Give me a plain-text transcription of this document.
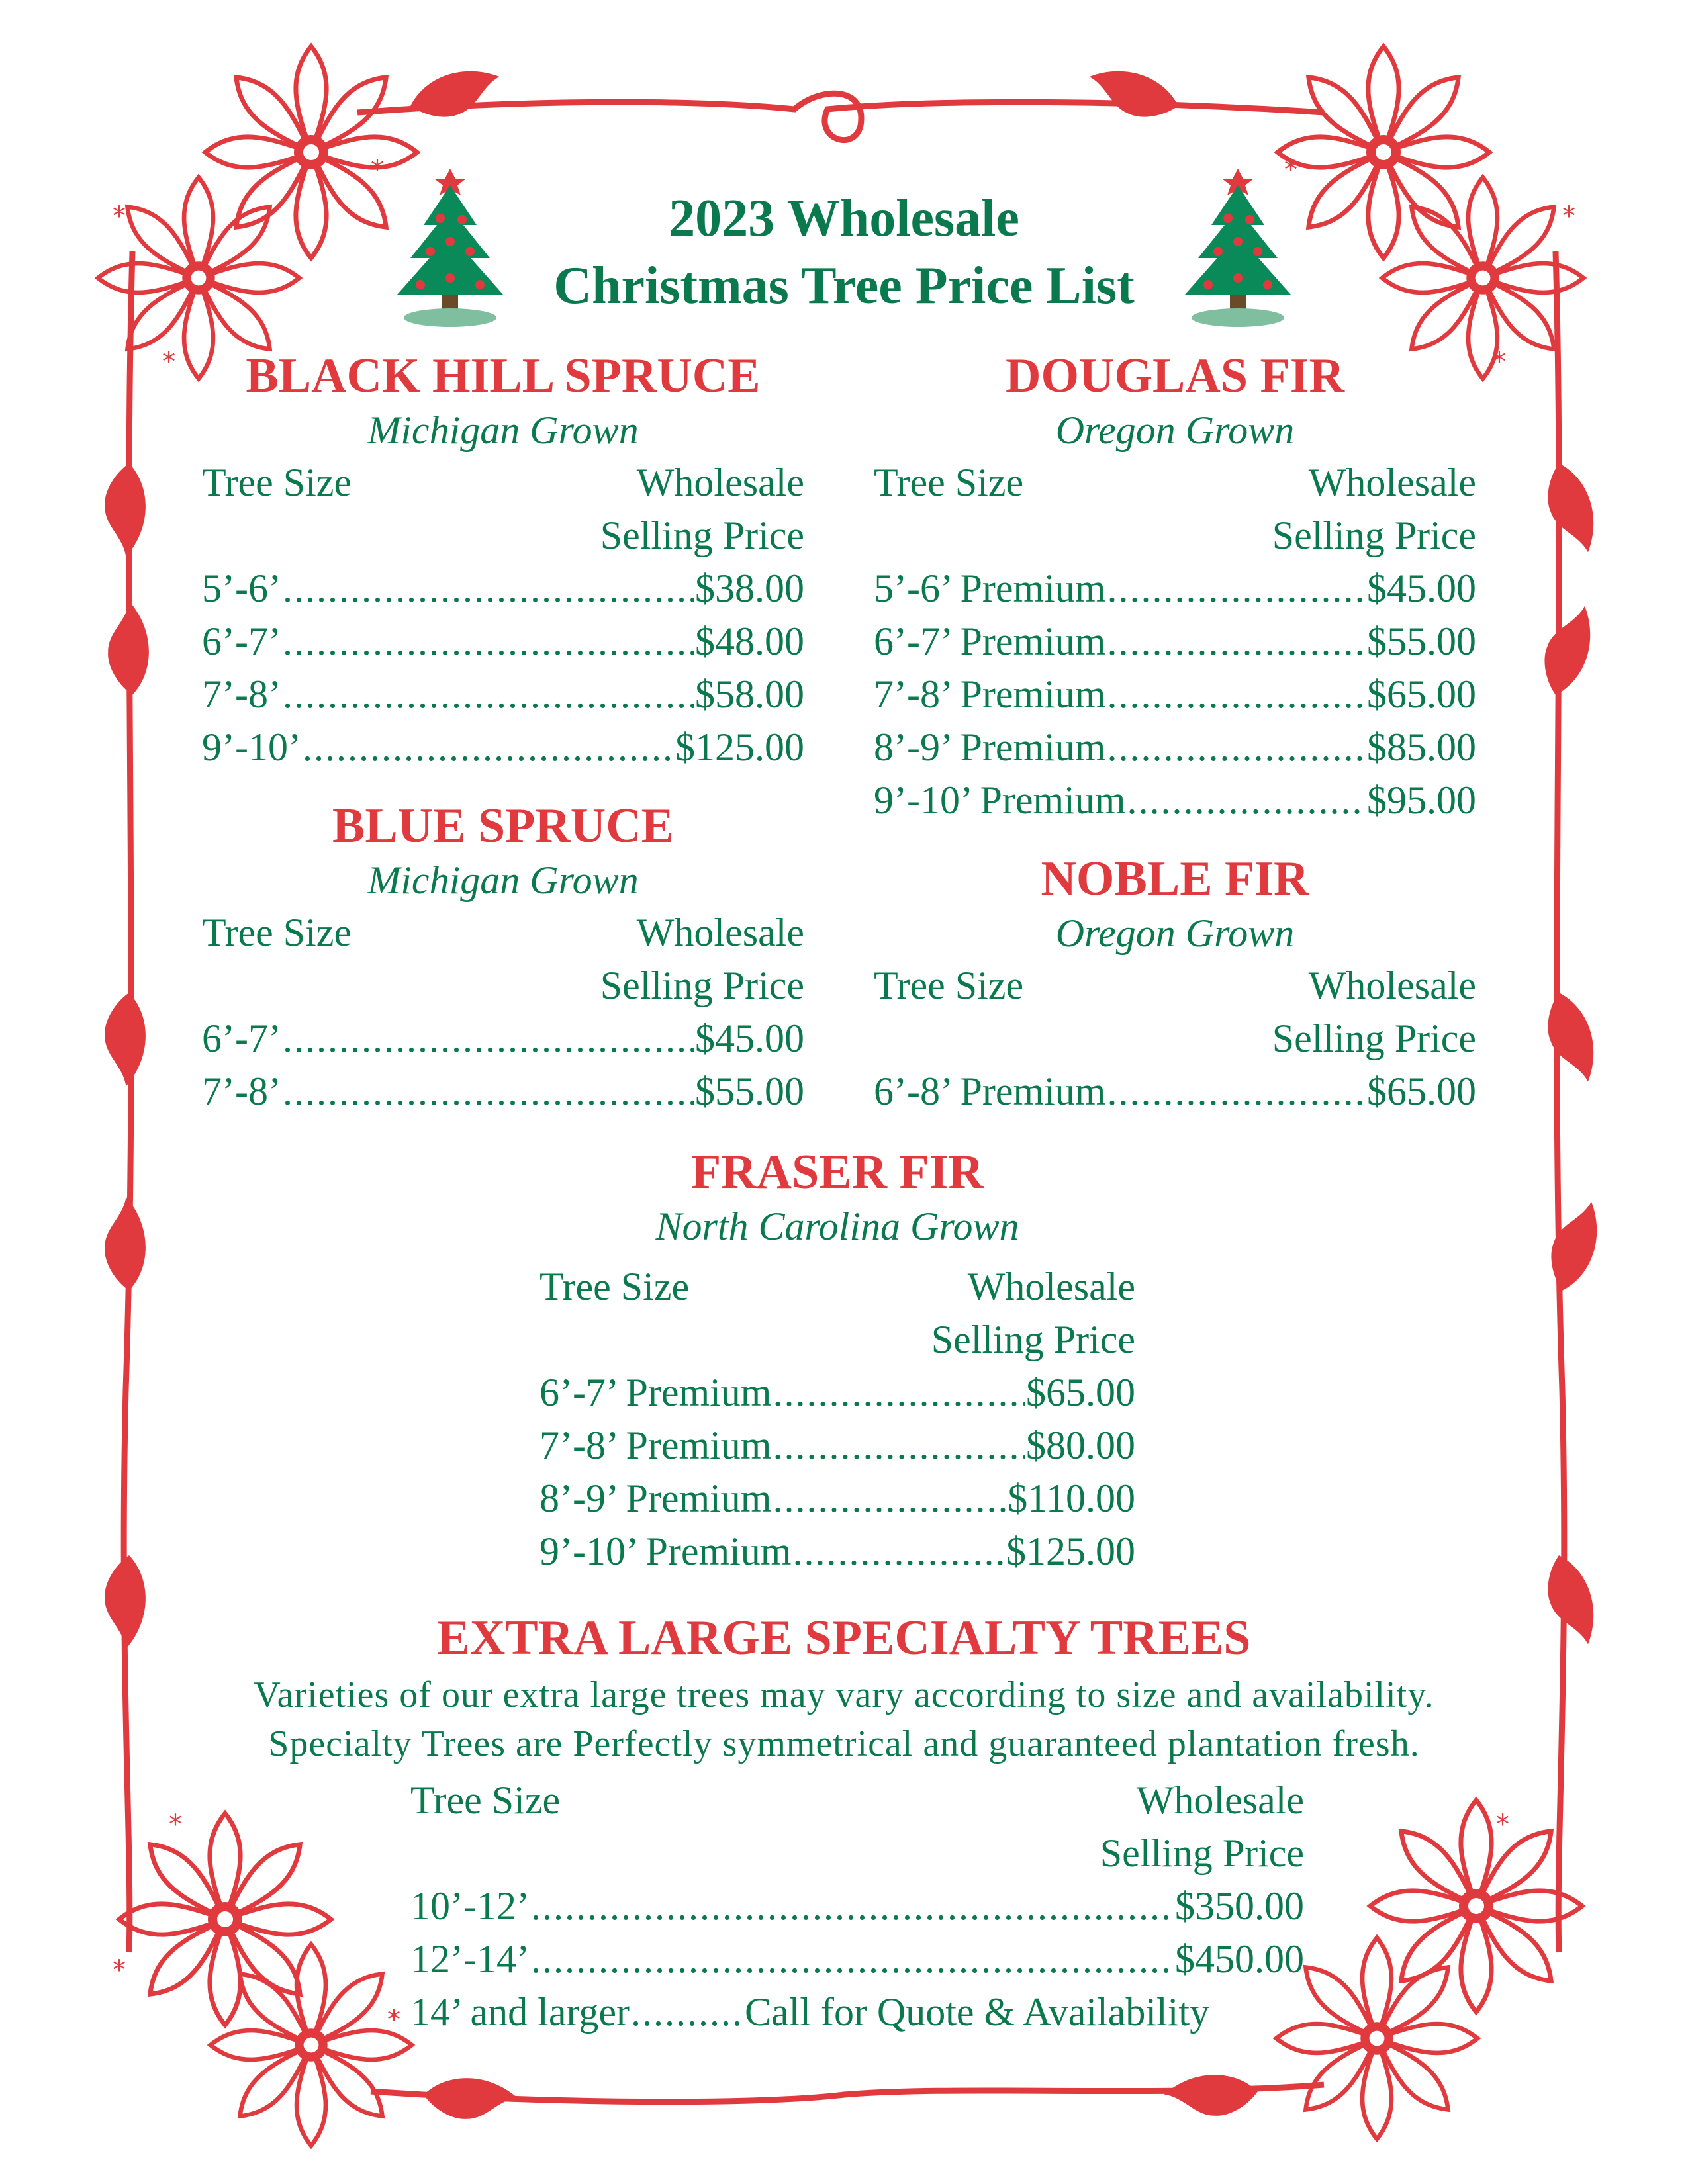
*	*
*	*
*	*
*
*	*
*
2023 Wholesale
Christmas Tree Price List
BLACK HILL SPRUCE
Michigan Grown
Tree Size	Wholesale
Selling Price
5’-6’ .....	$38.00
6’-7’ .....	$48.00
7’-8’ .....	$58.00
9’-10’ .....	$125.00
BLUE SPRUCE
Michigan Grown
Tree Size	Wholesale
Selling Price
6’-7’ .....	$45.00
7’-8’ .....	$55.00
DOUGLAS FIR
Oregon Grown
Tree Size	Wholesale
Selling Price
5’-6’ Premium .....	$45.00
6’-7’ Premium .....	$55.00
7’-8’ Premium .....	$65.00
8’-9’ Premium .....	$85.00
9’-10’ Premium .....	$95.00
NOBLE FIR
Oregon Grown
Tree Size	Wholesale
Selling Price
6’-8’ Premium .....	$65.00
FRASER FIR
North Carolina Grown
Tree Size	Wholesale
Selling Price
6’-7’ Premium .....	$65.00
7’-8’ Premium .....	$80.00
8’-9’ Premium .....	$110.00
9’-10’ Premium .....	$125.00
EXTRA LARGE SPECIALTY TREES
Varieties of our extra large trees may vary according to size and availability.
Specialty Trees are Perfectly symmetrical and guaranteed plantation fresh.
Tree Size	Wholesale
Selling Price
10’-12’ .....	$350.00
12’-14’ .....	$450.00
14’ and larger .....	Call for Quote & Availability
